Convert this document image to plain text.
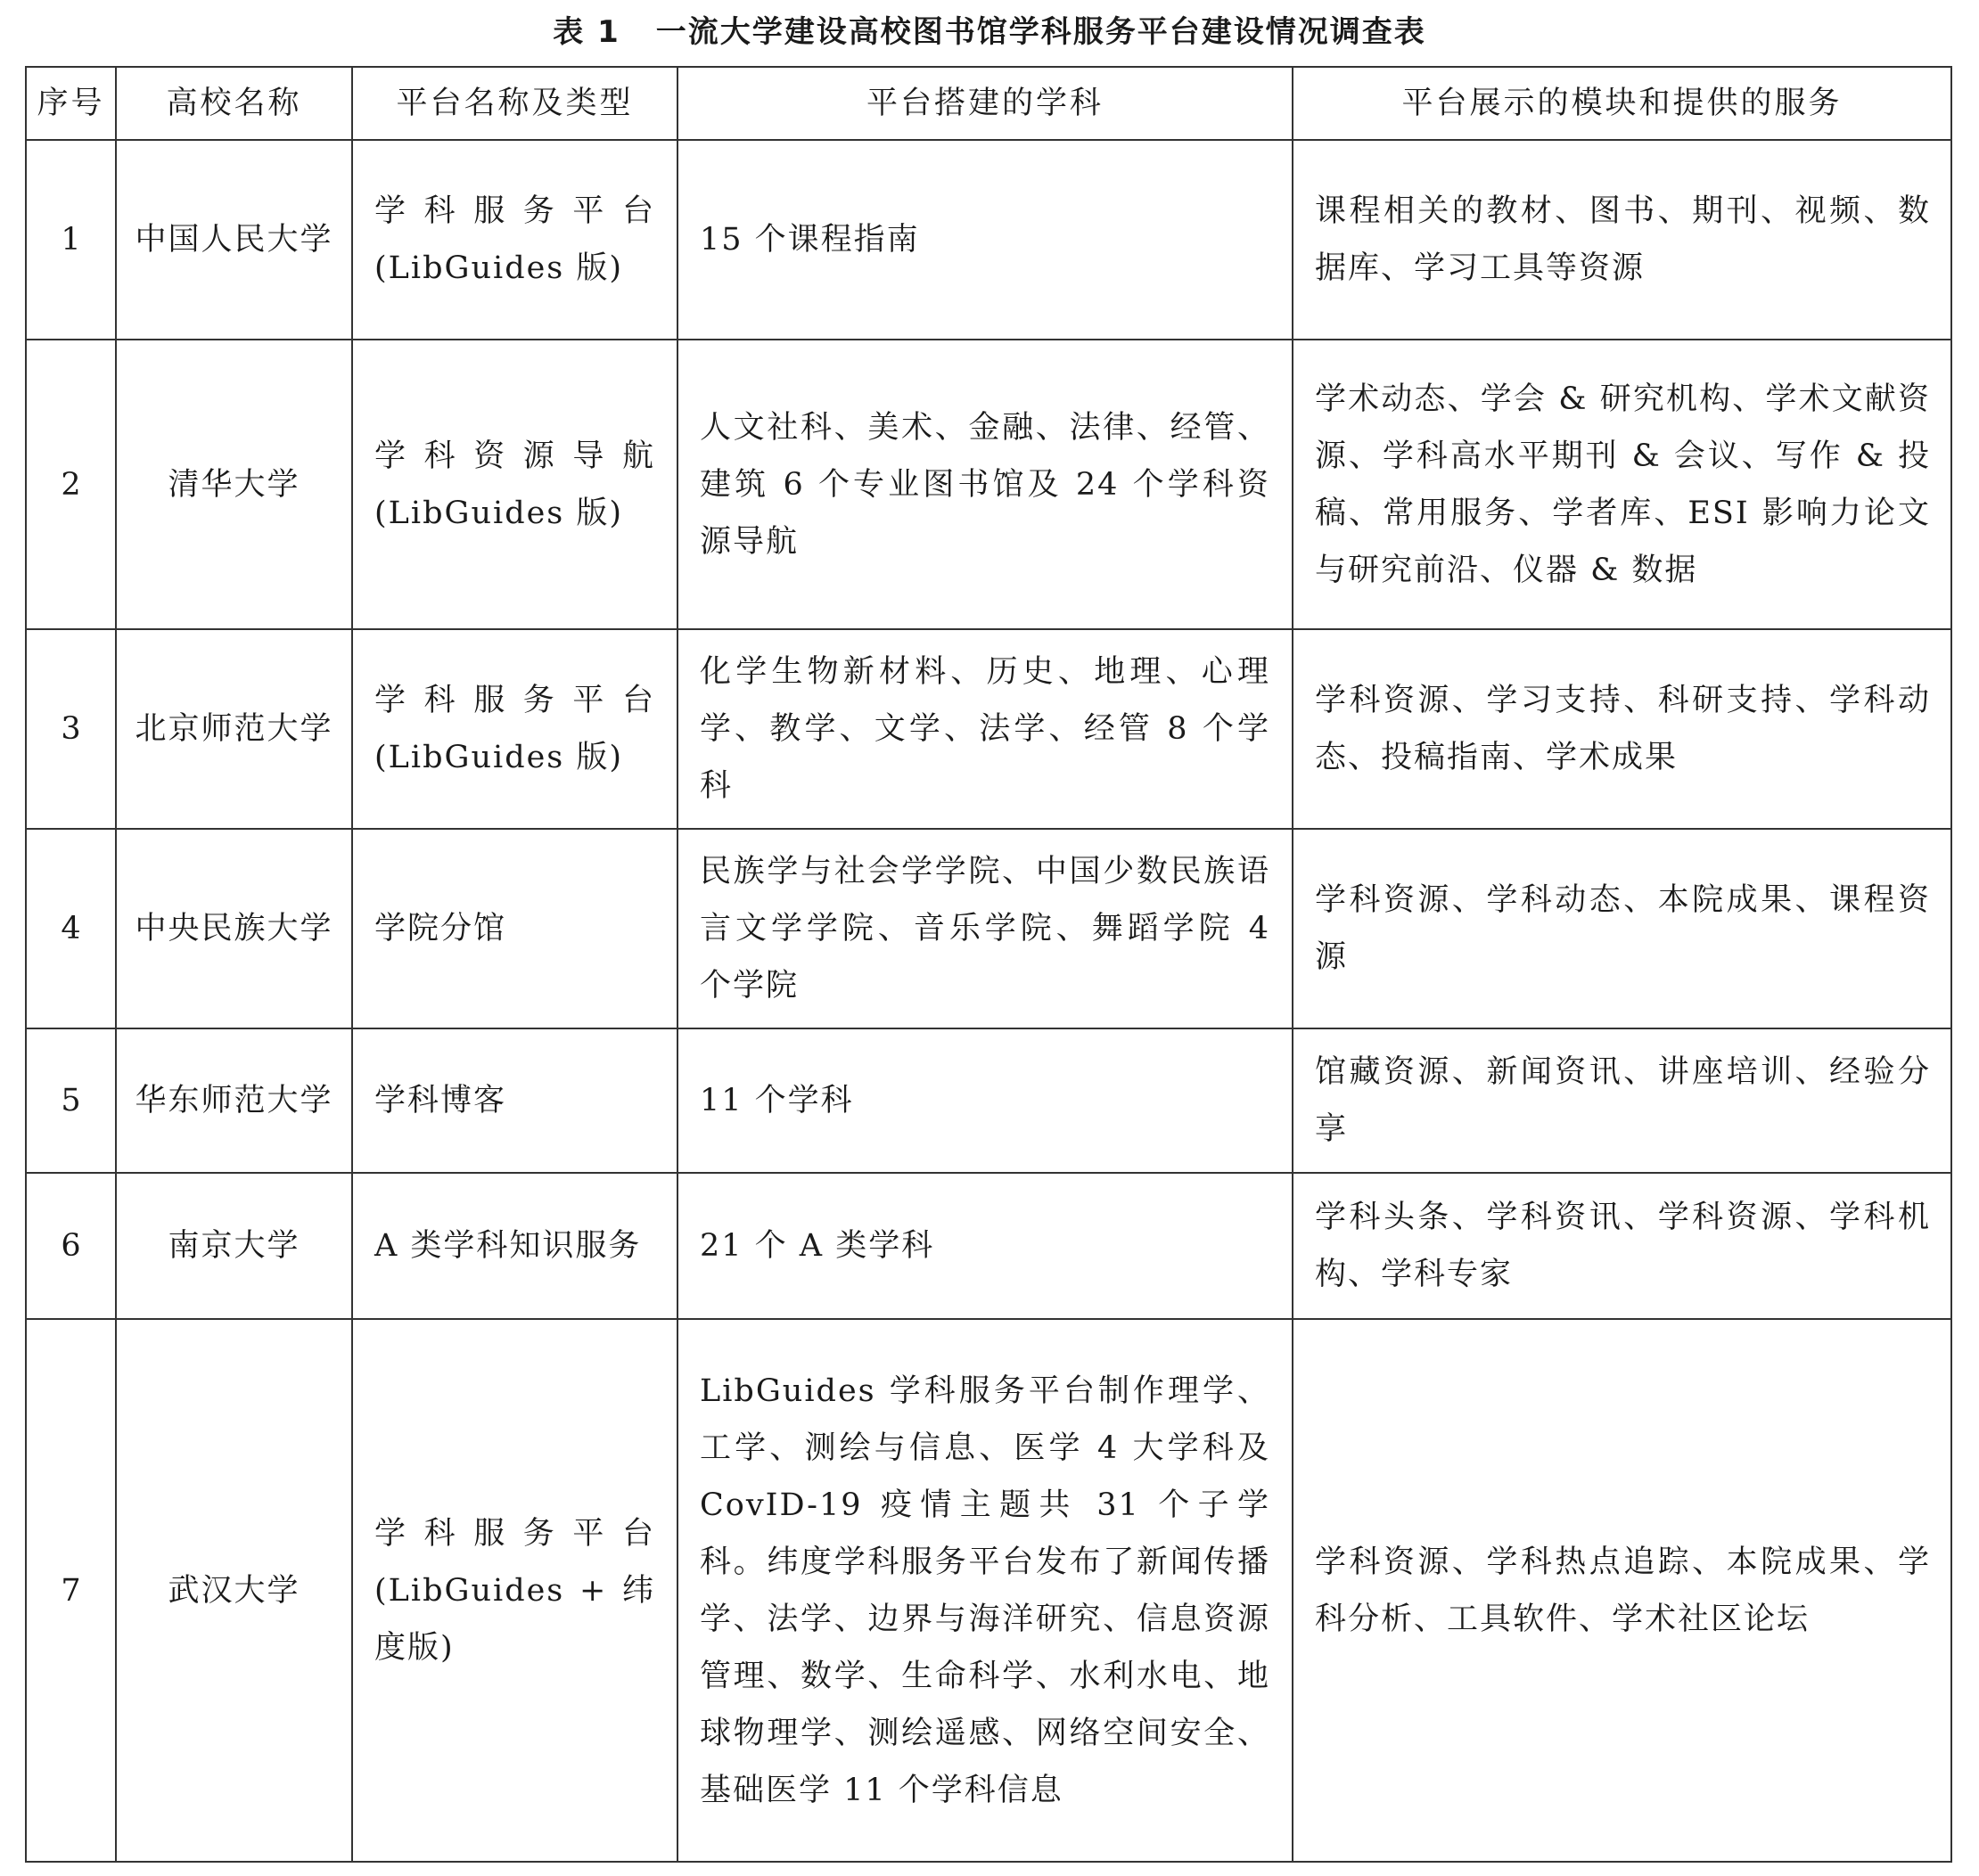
表 1 一流大学建设高校图书馆学科服务平台建设情况调查表
序号	高校名称	平台名称及类型	平台搭建的学科	平台展示的模块和提供的服务
1	中国人民大学	学科服务平台(LibGuides 版)	15 个课程指南	课程相关的教材、图书、期刊、视频、数据库、学习工具等资源
2	清华大学	学科资源导航(LibGuides 版)	人文社科、美术、金融、法律、经管、建筑 6 个专业图书馆及 24 个学科资源导航	学术动态、学会 & 研究机构、学术文献资源、学科高水平期刊 & 会议、写作 & 投稿、常用服务、学者库、ESI 影响力论文与研究前沿、仪器 & 数据
3	北京师范大学	学科服务平台(LibGuides 版)	化学生物新材料、历史、地理、心理学、教学、文学、法学、经管 8 个学科	学科资源、学习支持、科研支持、学科动态、投稿指南、学术成果
4	中央民族大学	学院分馆	民族学与社会学学院、中国少数民族语言文学学院、音乐学院、舞蹈学院 4 个学院	学科资源、学科动态、本院成果、课程资源
5	华东师范大学	学科博客	11 个学科	馆藏资源、新闻资讯、讲座培训、经验分享
6	南京大学	A 类学科知识服务	21 个 A 类学科	学科头条、学科资讯、学科资源、学科机构、学科专家
7	武汉大学	学科服务平台(LibGuides + 纬度版)	LibGuides 学科服务平台制作理学、工学、测绘与信息、医学 4 大学科及 CovID-19 疫情主题共 31 个子学科。纬度学科服务平台发布了新闻传播学、法学、边界与海洋研究、信息资源管理、数学、生命科学、水利水电、地球物理学、测绘遥感、网络空间安全、基础医学 11 个学科信息	学科资源、学科热点追踪、本院成果、学科分析、工具软件、学术社区论坛
